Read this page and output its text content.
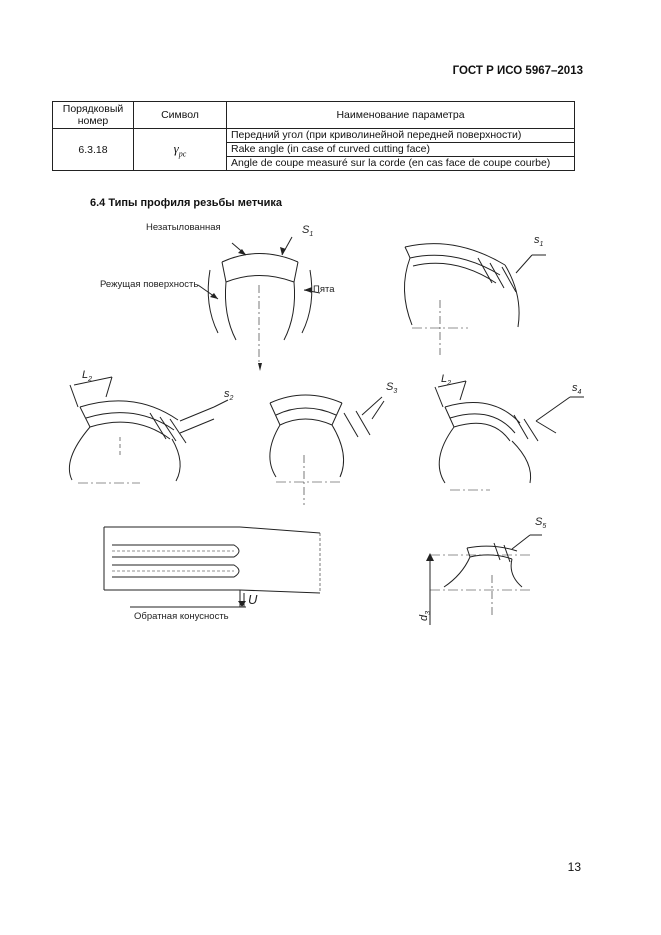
ГОСТ Р ИСО 5967–2013
Порядковый номер	Символ	Наименование параметра
6.3.18	$\gamma_{pc}$	Передний угол (при криволинейной передней поверхности)
		Rake angle (in case of curved cutting face)
		Angle de coupe measuré sur la corde (en cas face de coupe courbe)
6.4 Типы профиля резьбы метчика
Незатылованная
Режущая поверхность	Пята
Обратная конусность
$S_1$	$s_1$
$s_2$
$S_3$	$s_4$
$S_5$
$L_2$	$L_2$
U
$d_3$
13
